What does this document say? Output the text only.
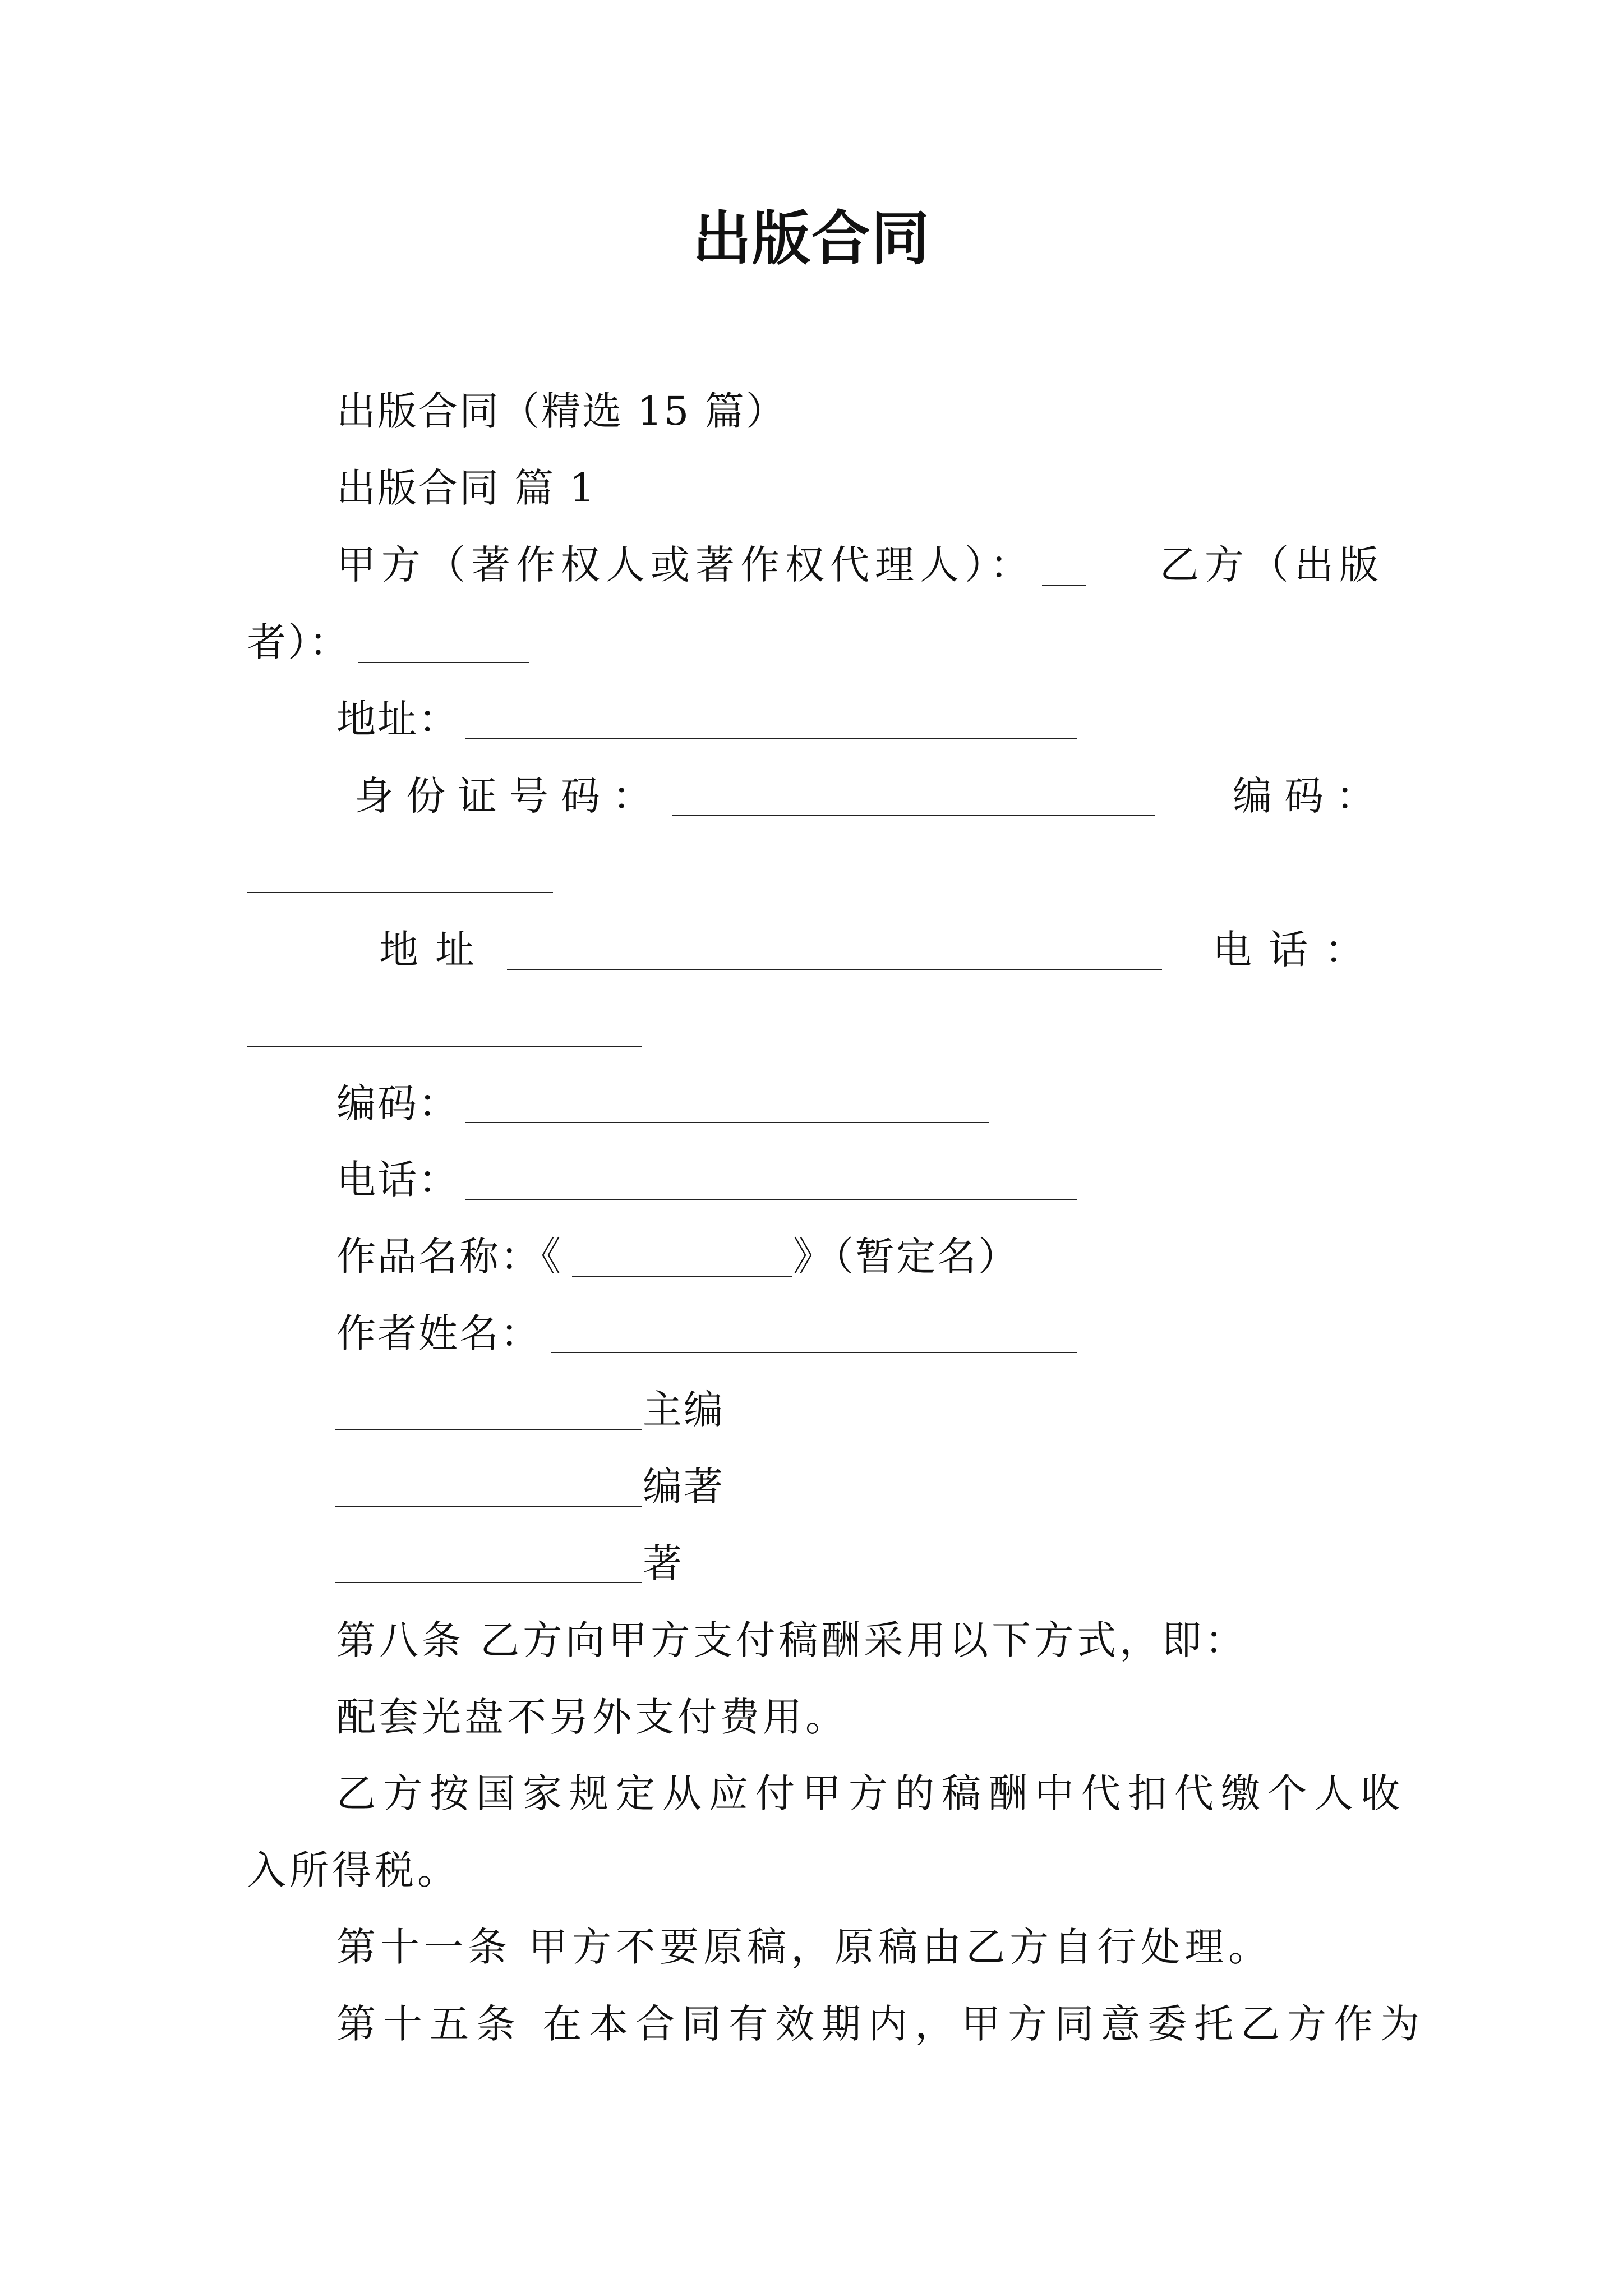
出版合同
出版合同（精选 15 篇）
出版合同 篇 1
甲方（著作权人或著作权代理人）：	乙方（出版
者）：
地址：
身份证号码：	编码：
地址	电话：
编码：
电话：
作品名称：《	》（暂定名）
作者姓名：
主编
编著
著
第八条 乙方向甲方支付稿酬采用以下方式，即：
配套光盘不另外支付费用。
乙方按国家规定从应付甲方的稿酬中代扣代缴个人收
入所得税。
第十一条 甲方不要原稿，原稿由乙方自行处理。
第十五条 在本合同有效期内，甲方同意委托乙方作为
